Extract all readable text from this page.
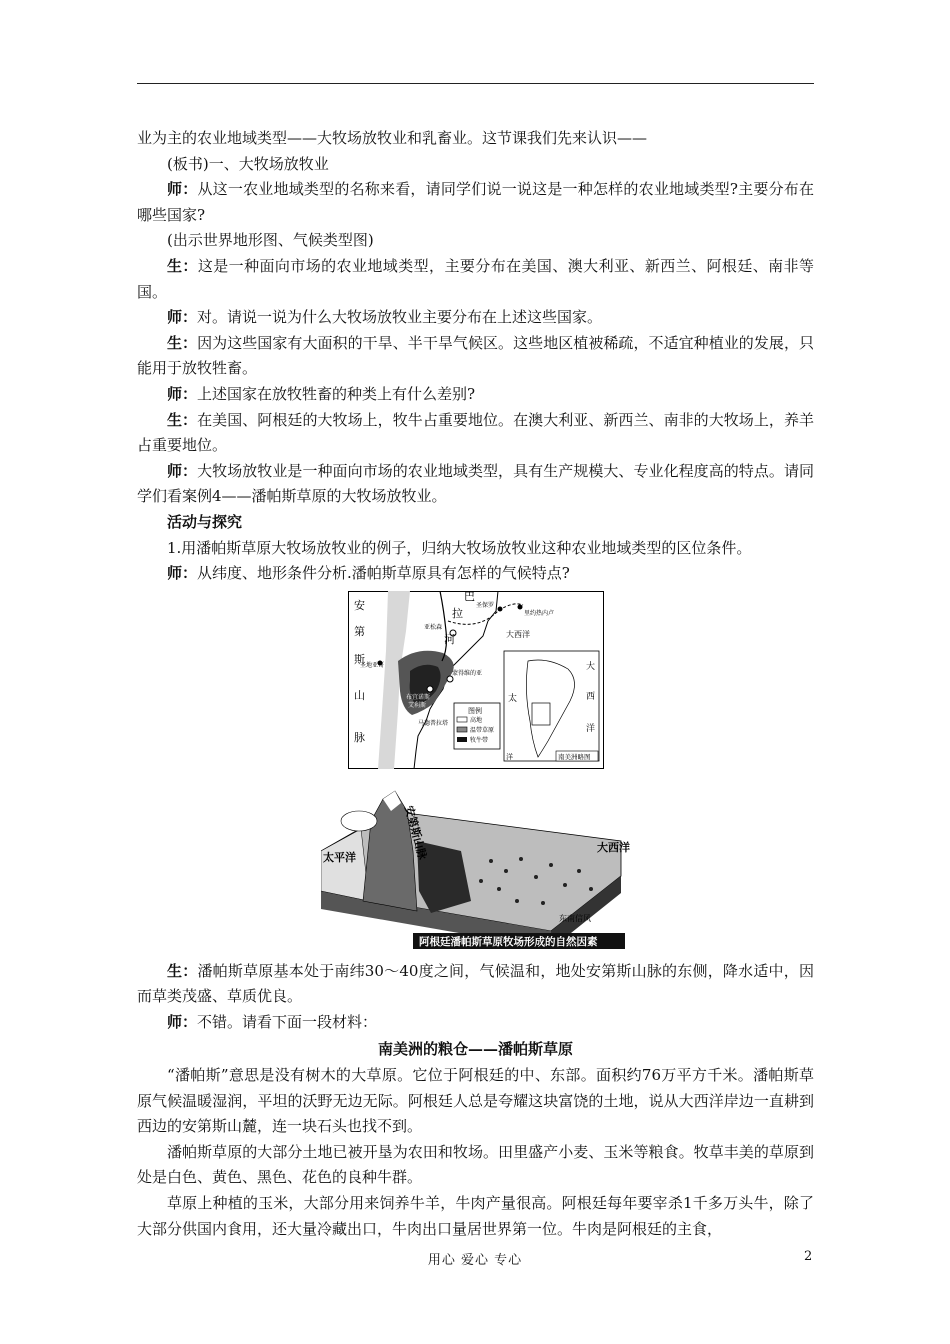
业为主的农业地域类型——大牧场放牧业和乳畜业。这节课我们先来认识——

(板书)一、大牧场放牧业

师：从这一农业地域类型的名称来看，请同学们说一说这是一种怎样的农业地域类型?主要分布在哪些国家?

(出示世界地形图、气候类型图)

生：这是一种面向市场的农业地域类型，主要分布在美国、澳大利亚、新西兰、阿根廷、南非等国。

师：对。请说一说为什么大牧场放牧业主要分布在上述这些国家。

生：因为这些国家有大面积的干旱、半干旱气候区。这些地区植被稀疏，不适宜种植业的发展，只能用于放牧牲畜。

师：上述国家在放牧牲畜的种类上有什么差别?

生：在美国、阿根廷的大牧场上，牧牛占重要地位。在澳大利亚、新西兰、南非的大牧场上，养羊占重要地位。

师：大牧场放牧业是一种面向市场的农业地域类型，具有生产规模大、专业化程度高的特点。请同学们看案例4——潘帕斯草原的大牧场放牧业。

活动与探究

1.用潘帕斯草原大牧场放牧业的例子，归纳大牧场放牧业这种农业地域类型的区位条件。

师：从纬度、地形条件分析.潘帕斯草原具有怎样的气候特点?

安
第
斯
山
脉
巴
拉
河
圣保罗
里约热内卢
亚松森
圣地亚哥
布宜诺斯
艾利斯
蒙得维的亚
马德普拉塔
大西洋
大
西
洋
太
洋	南美洲略图
图例
高地
温带草原
牧牛带
安第斯山脉
太平洋
大西洋
东南信风
阿根廷潘帕斯草原牧场形成的自然因素

生：潘帕斯草原基本处于南纬30～40度之间，气候温和，地处安第斯山脉的东侧，降水适中，因而草类茂盛、草质优良。

师：不错。请看下面一段材料：

南美洲的粮仓——潘帕斯草原

“潘帕斯”意思是没有树木的大草原。它位于阿根廷的中、东部。面积约76万平方千米。潘帕斯草原气候温暖湿润，平坦的沃野无边无际。阿根廷人总是夸耀这块富饶的土地，说从大西洋岸边一直耕到西边的安第斯山麓，连一块石头也找不到。

潘帕斯草原的大部分土地已被开垦为农田和牧场。田里盛产小麦、玉米等粮食。牧草丰美的草原到处是白色、黄色、黑色、花色的良种牛群。

草原上种植的玉米，大部分用来饲养牛羊，牛肉产量很高。阿根廷每年要宰杀1千多万头牛，除了大部分供国内食用，还大量冷藏出口，牛肉出口量居世界第一位。牛肉是阿根廷的主食，

用心 爱心 专心	2
